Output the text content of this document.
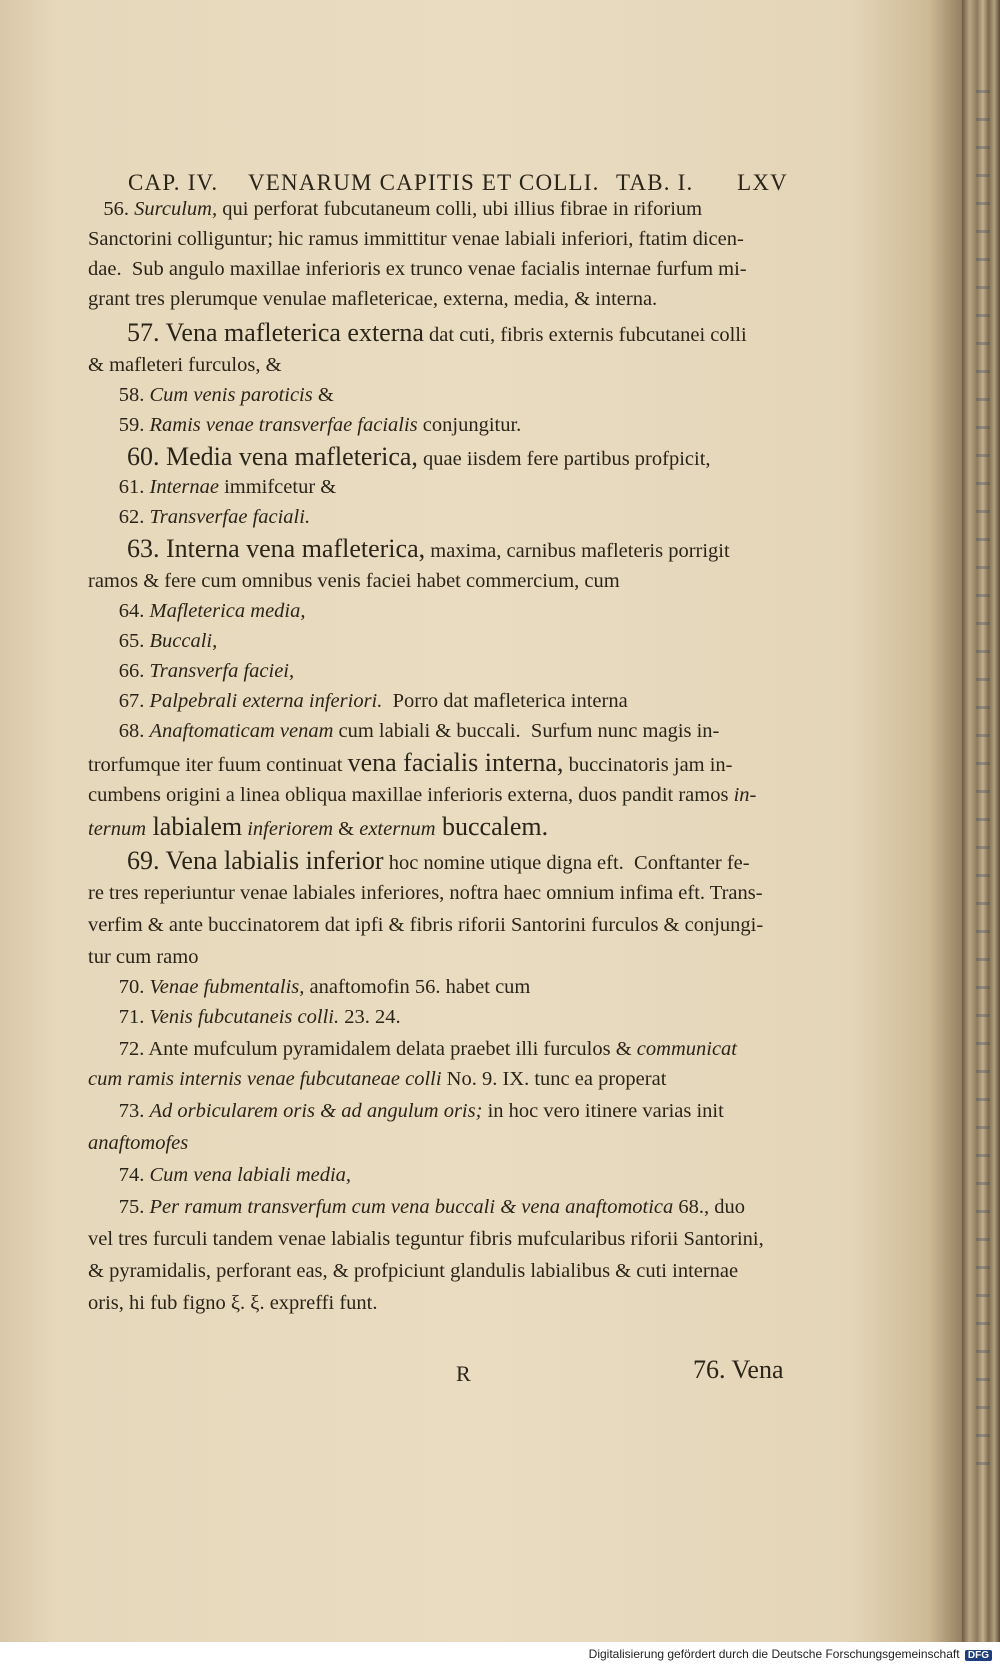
CAP. IV. VENARUM CAPITIS ET COLLI. TAB. I. LXV
56. Surculum, qui perforat fubcutaneum colli, ubi illius fibrae in riforium
Sanctorini colliguntur; hic ramus immittitur venae labiali inferiori, ftatim dicen-
dae.  Sub angulo maxillae inferioris ex trunco venae facialis internae furfum mi-
grant tres plerumque venulae mafletericae, externa, media, & interna.
57. Vena mafleterica externa dat cuti, fibris externis fubcutanei colli
& mafleteri furculos, &
58. Cum venis paroticis &
59. Ramis venae transverfae facialis conjungitur.
60. Media vena mafleterica, quae iisdem fere partibus profpicit,
61. Internae immifcetur &
62. Transverfae faciali.
63. Interna vena mafleterica, maxima, carnibus mafleteris porrigit
ramos & fere cum omnibus venis faciei habet commercium, cum
64. Mafleterica media,
65. Buccali,
66. Transverfa faciei,
67. Palpebrali externa inferiori.  Porro dat mafleterica interna
68. Anaftomaticam venam cum labiali & buccali.  Surfum nunc magis in-
trorfumque iter fuum continuat vena facialis interna, buccinatoris jam in-
cumbens origini a linea obliqua maxillae inferioris externa, duos pandit ramos in-
ternum labialem inferiorem & externum buccalem.
69. Vena labialis inferior hoc nomine utique digna eft.  Conftanter fe-
re tres reperiuntur venae labiales inferiores, noftra haec omnium infima eft. Trans-
verfim & ante buccinatorem dat ipfi & fibris riforii Santorini furculos & conjungi-
tur cum ramo
70. Venae fubmentalis, anaftomofin 56. habet cum
71. Venis fubcutaneis colli. 23. 24.
72. Ante mufculum pyramidalem delata praebet illi furculos & communicat
cum ramis internis venae fubcutaneae colli No. 9. IX. tunc ea properat
73. Ad orbicularem oris & ad angulum oris; in hoc vero itinere varias init
anaftomofes
74. Cum vena labiali media,
75. Per ramum transverfum cum vena buccali & vena anaftomotica 68., duo
vel tres furculi tandem venae labialis teguntur fibris mufcularibus riforii Santorini,
& pyramidalis, perforant eas, & profpiciunt glandulis labialibus & cuti internae
oris, hi fub figno ξ. ξ. expreffi funt.
R	76. Vena
Digitalisierung gefördert durch die Deutsche Forschungsgemeinschaft DFG
